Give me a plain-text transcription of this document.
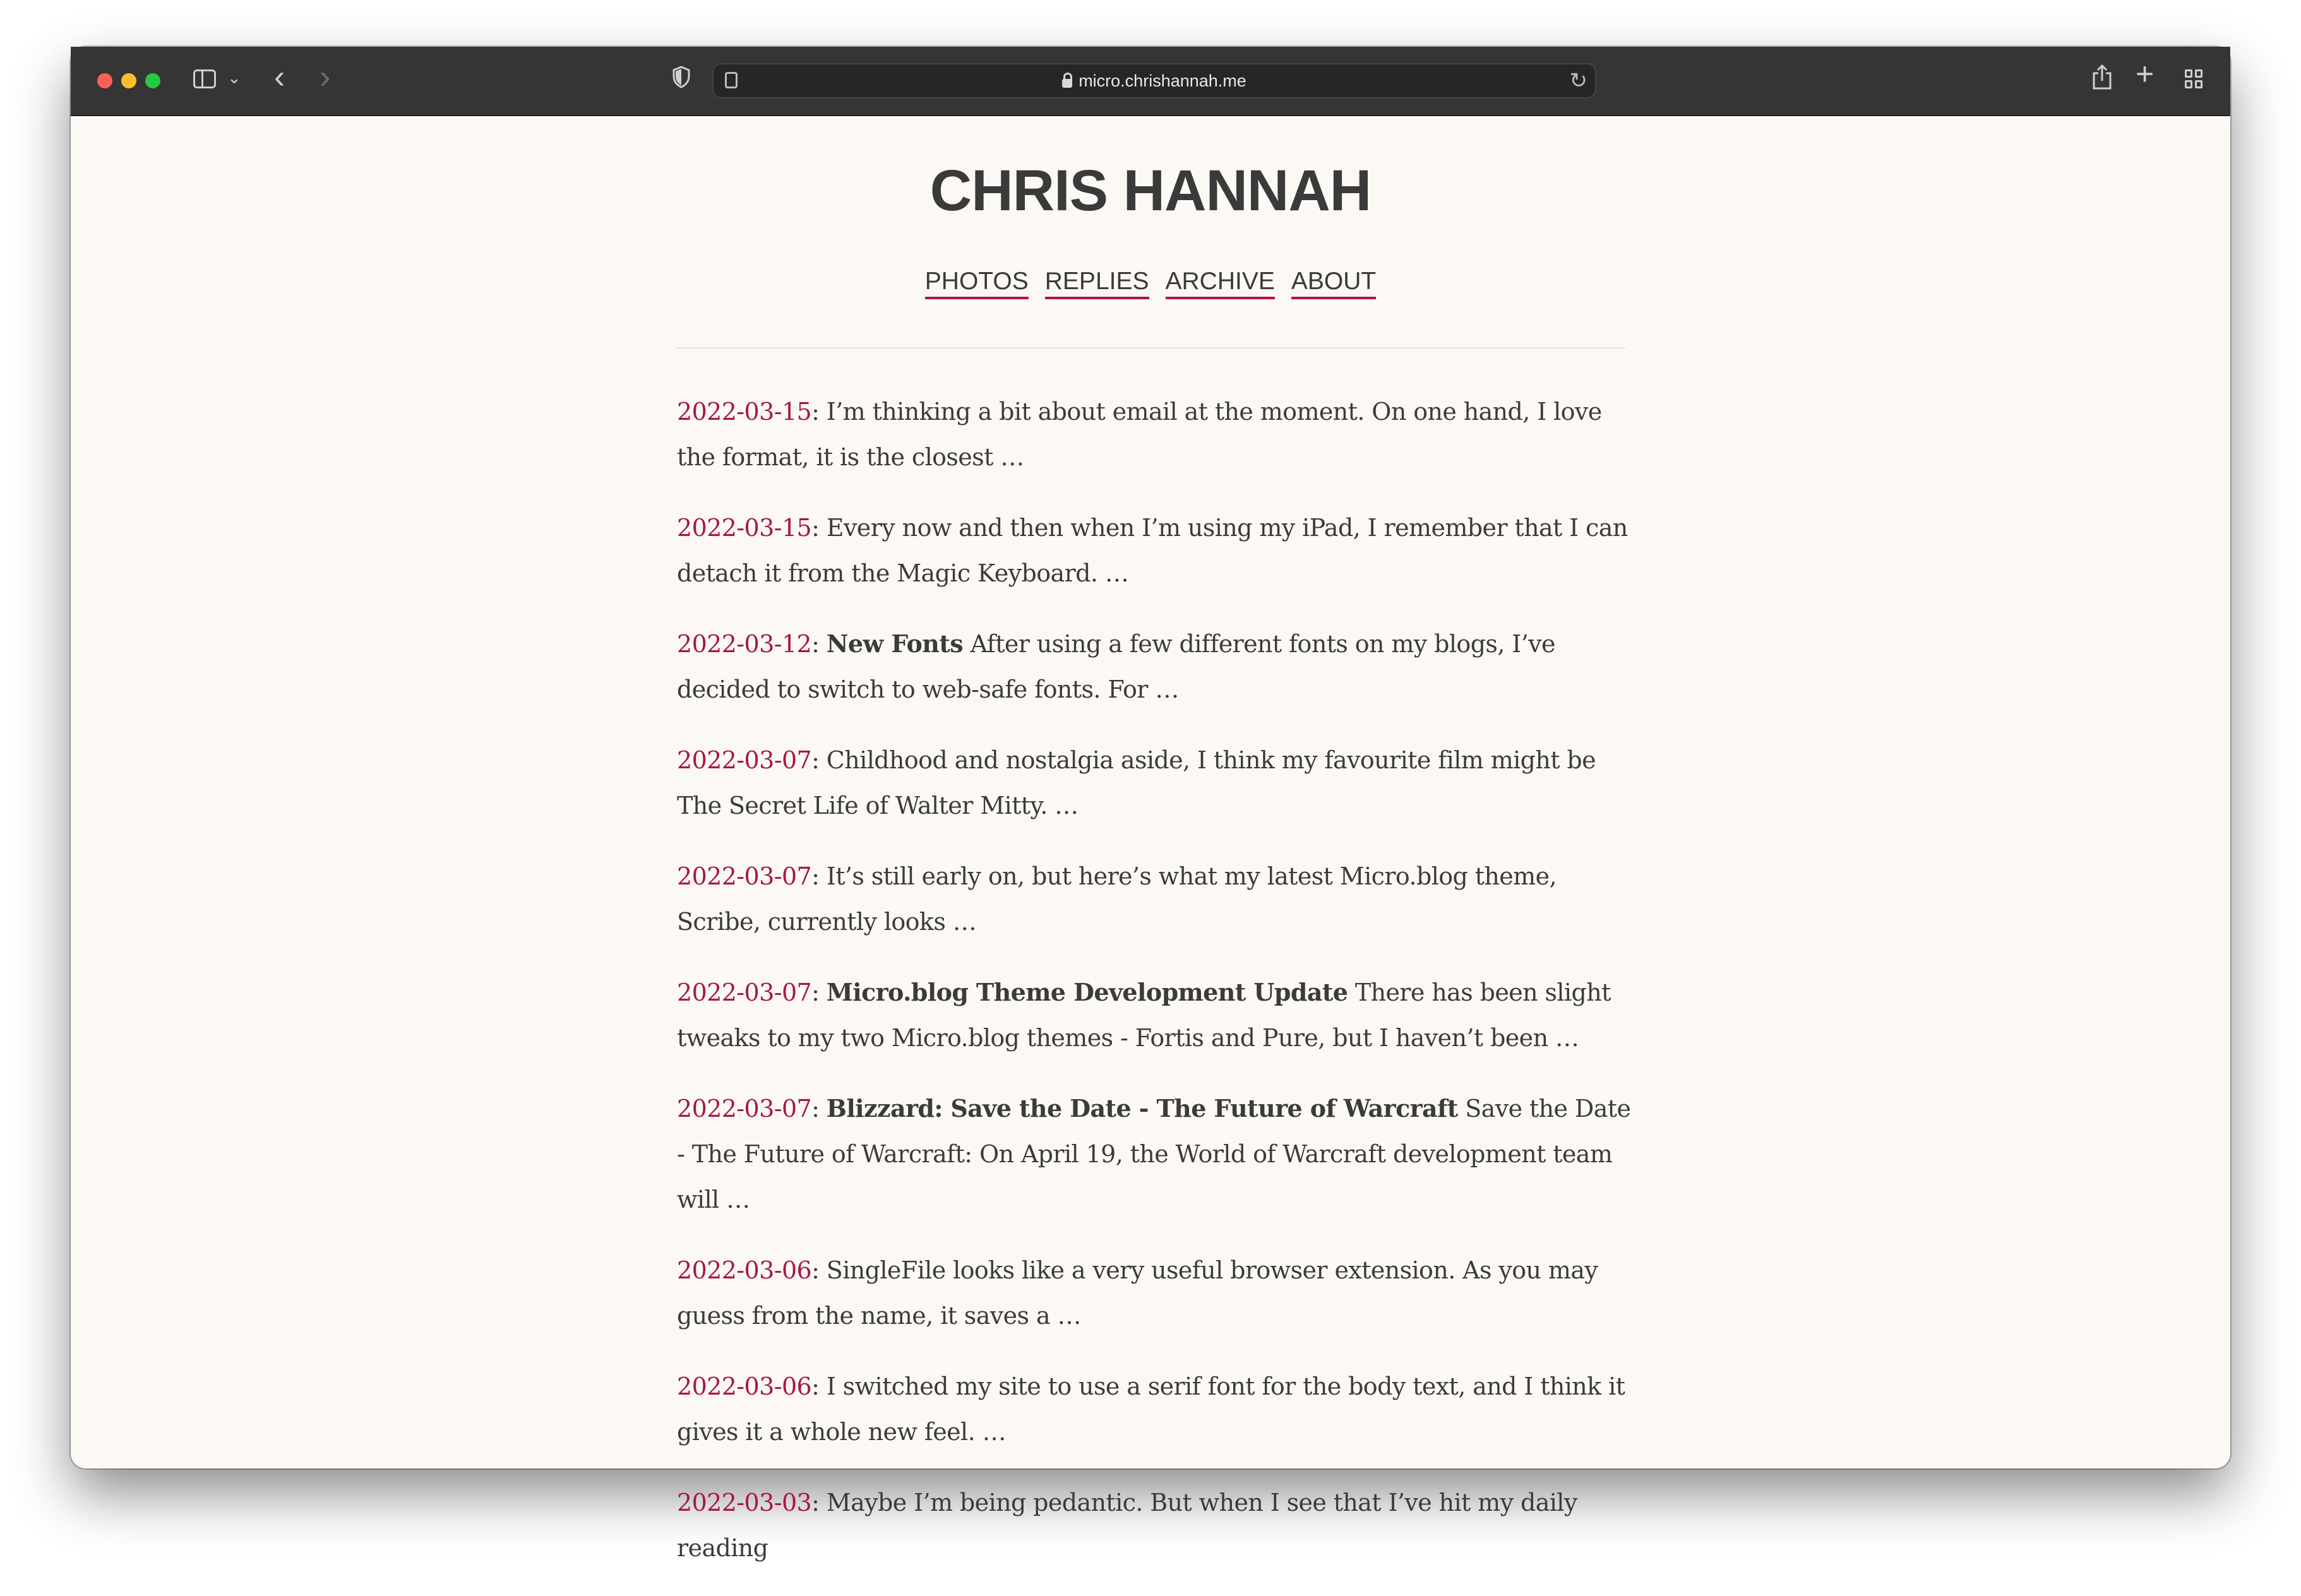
⌄ ‹ ›	micro.chrishannah.me	↻	+
CHRIS HANNAH
PHOTOS REPLIES ARCHIVE ABOUT
2022-03-15: I’m thinking a bit about email at the moment. On one hand, I love the format, it is the closest …
2022-03-15: Every now and then when I’m using my iPad, I remember that I can detach it from the Magic Keyboard. …
2022-03-12: New Fonts After using a few different fonts on my blogs, I’ve decided to switch to web-safe fonts. For …
2022-03-07: Childhood and nostalgia aside, I think my favourite film might be The Secret Life of Walter Mitty. …
2022-03-07: It’s still early on, but here’s what my latest Micro.blog theme, Scribe, currently looks …
2022-03-07: Micro.blog Theme Development Update There has been slight tweaks to my two Micro.blog themes - Fortis and Pure, but I haven’t been …
2022-03-07: Blizzard: Save the Date - The Future of Warcraft Save the Date - The Future of Warcraft: On April 19, the World of Warcraft development team will …
2022-03-06: SingleFile looks like a very useful browser extension. As you may guess from the name, it saves a …
2022-03-06: I switched my site to use a serif font for the body text, and I think it gives it a whole new feel. …
2022-03-03: Maybe I’m being pedantic. But when I see that I’ve hit my daily reading
